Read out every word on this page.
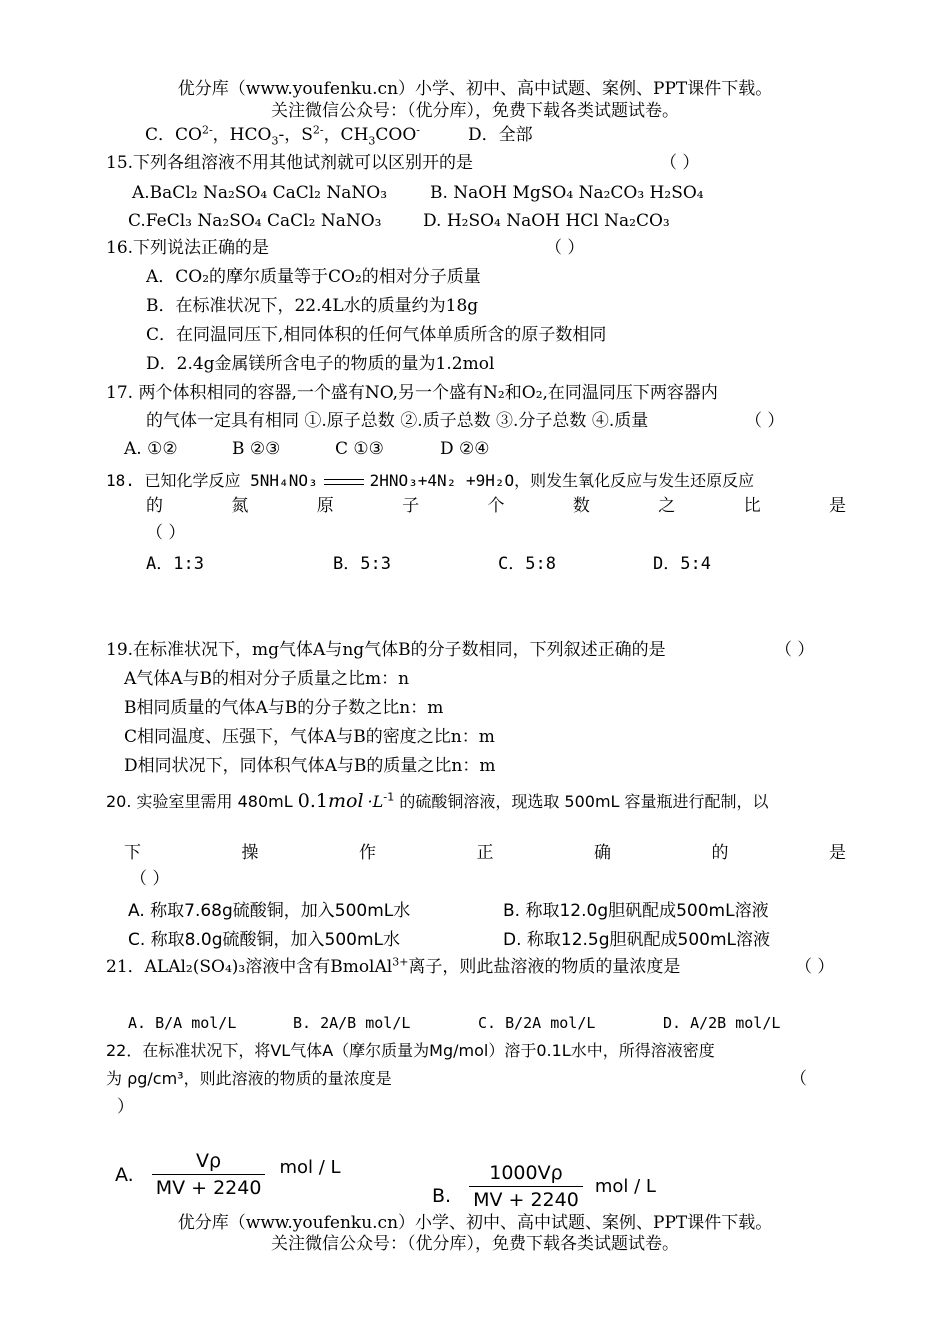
优分库（www.youfenku.cn）小学、初中、高中试题、案例、PPT课件下载。
关注微信公众号：（优分库），免费下载各类试题试卷。
C．$CO^{2-}$，$HCO_3-$，$S^{2-}$，$CH_3COO^-$	D．全部
15.下列各组溶液不用其他试剂就可以区别开的是	（ ）
A.BaCl₂ Na₂SO₄ CaCl₂ NaNO₃	B. NaOH MgSO₄ Na₂CO₃ H₂SO₄
C.FeCl₃ Na₂SO₄ CaCl₂ NaNO₃ D. H₂SO₄ NaOH HCl Na₂CO₃
16.下列说法正确的是	（ ）
A．CO₂的摩尔质量等于CO₂的相对分子质量
B．在标准状况下，22.4L水的质量约为18g
C．在同温同压下,相同体积的任何气体单质所含的原子数相同
D．2.4g金属镁所含电子的物质的量为1.2mol
17. 两个体积相同的容器,一个盛有NO,另一个盛有N₂和O₂,在同温同压下两容器内
的气体一定具有相同 ①.原子总数 ②.质子总数 ③.分子总数 ④.质量	（ ）
A. ①②	B ②③	C ①③	D ②④
18. 已知化学反应 5NH₄NO₃	2HNO₃+4N₂ +9H₂O，则发生氧化反应与发生还原反应
的	氮	原	子	个	数	之	比	是
（ ）
A．1:3	B．5:3	C．5:8	D．5:4
19.在标准状况下，mg气体A与ng气体B的分子数相同，下列叙述正确的是	（ ）
A气体A与B的相对分子质量之比m：n
B相同质量的气体A与B的分子数之比n：m
C相同温度、压强下，气体A与B的密度之比n：m
D相同状况下，同体积气体A与B的质量之比n：m
20. 实验室里需用 480mL $0.1mol \cdot L^{-1}$ 的硫酸铜溶液，现选取 500mL 容量瓶进行配制，以
下	操	作	正	确	的	是
（ ）
A. 称取7.68g硫酸铜，加入500mL水	B. 称取12.0g胆矾配成500mL溶液
C. 称取8.0g硫酸铜，加入500mL水	D. 称取12.5g胆矾配成500mL溶液
21．ALAl₂(SO₄)₃溶液中含有BmolAl$^{3+}$离子，则此盐溶液的物质的量浓度是	（ ）
A. B/A mol/L	B. 2A/B mol/L	C. B/2A mol/L	D. A/2B mol/L
22．在标准状况下，将VL气体A（摩尔质量为Mg/mol）溶于0.1L水中，所得溶液密度
为 ρg/cm³，则此溶液的物质的量浓度是	（
）
A. $\frac{V\rho}{MV + 2240}$ mol / L
B. $\frac{1000V\rho}{MV + 2240}$ mol / L
优分库（www.youfenku.cn）小学、初中、高中试题、案例、PPT课件下载。
关注微信公众号：（优分库），免费下载各类试题试卷。
